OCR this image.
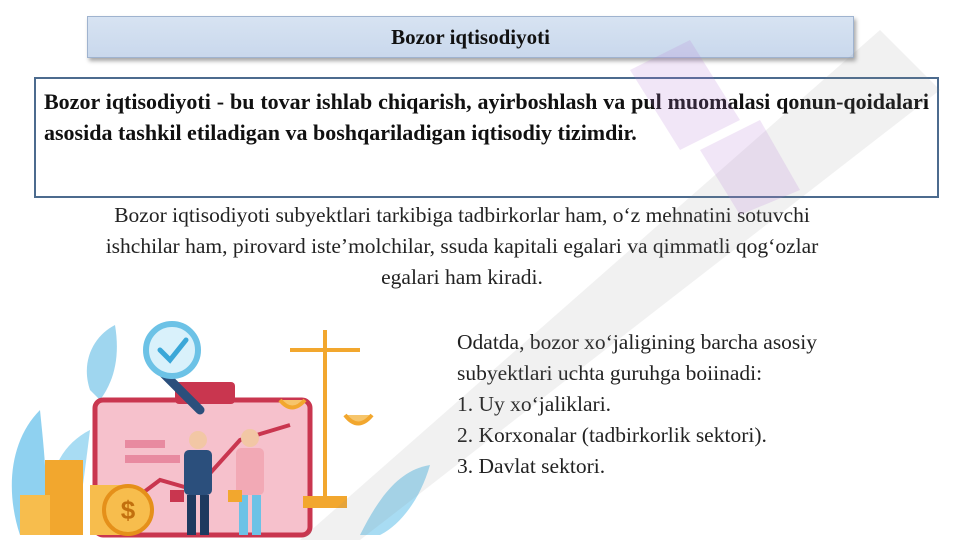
Bozor iqtisodiyoti
Bozor iqtisodiyoti - bu tovar ishlab chiqarish, ayirboshlash va pul muomalasi qonun-qoidalari asosida tashkil etiladigan va boshqariladigan iqtisodiy tizimdir.
Bozor iqtisodiyoti subyektlari tarkibiga tadbirkorlar ham, o‘z mehnatini sotuvchi ishchilar ham, pirovard iste’molchilar, ssuda kapitali egalari va qimmatli qog‘ozlar egalari ham kiradi.

Odatda, bozor xo‘jaligining barcha asosiy subyektlari uchta guruhga boiinadi:

1. Uy xo‘jaliklari.

2. Korxonalar (tadbirkorlik sektori).

3. Davlat sektori.

$
